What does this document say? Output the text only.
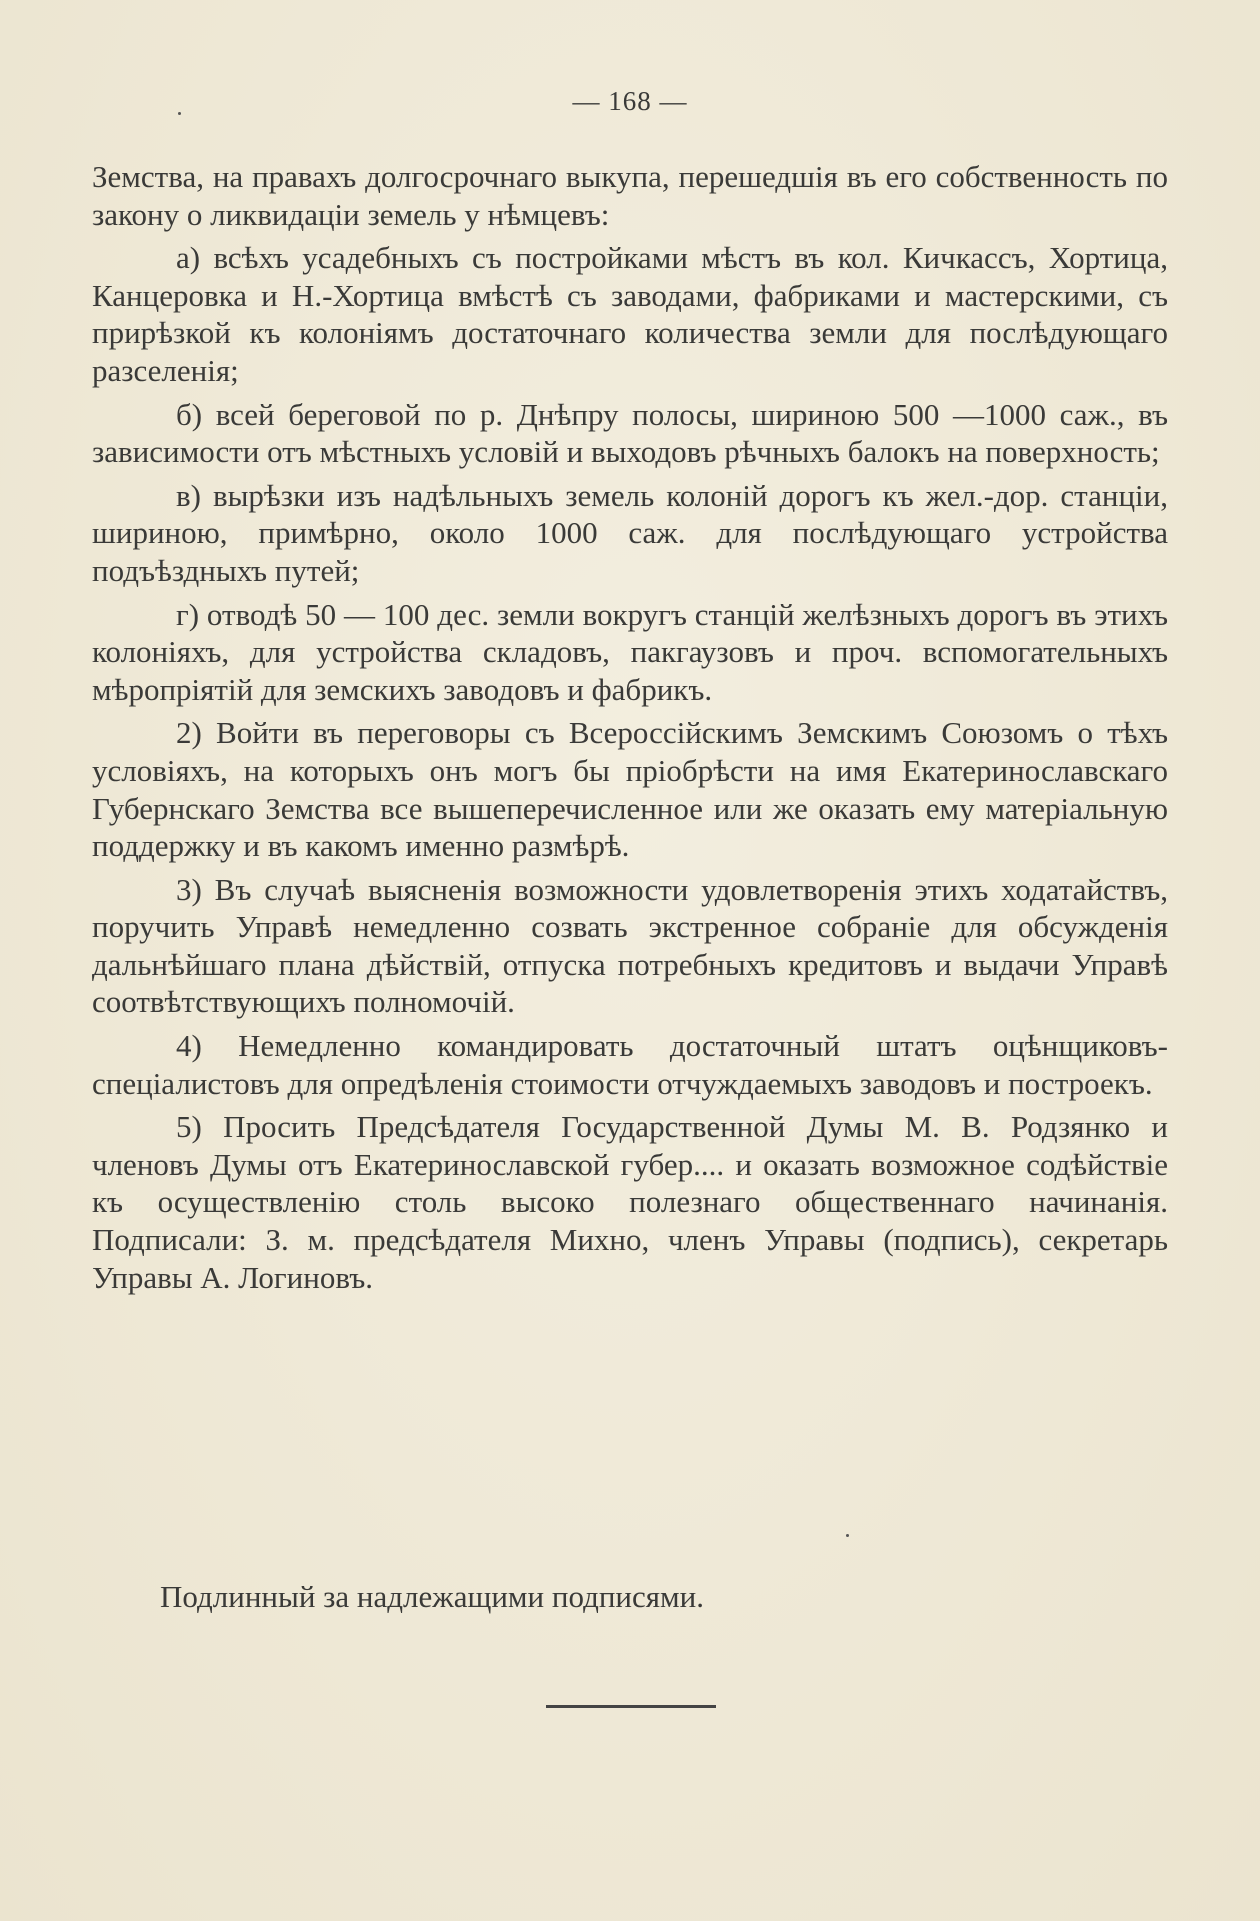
— 168 —

Земства, на правахъ долгосрочнаго выкупа, перешедшія въ его собственность по закону о ликвидаціи земель у нѣмцевъ:

а) всѣхъ усадебныхъ съ постройками мѣстъ въ кол. Кичкассъ, Хортица, Канцеровка и Н.-Хортица вмѣстѣ съ заводами, фабриками и мастерскими, съ прирѣзкой къ колоніямъ достаточнаго количества земли для послѣдующаго разселенія;

б) всей береговой по р. Днѣпру полосы, шириною 500 —1000 саж., въ зависимости отъ мѣстныхъ условій и выходовъ рѣчныхъ балокъ на поверхность;

в) вырѣзки изъ надѣльныхъ земель колоній дорогъ къ жел.-дор. станціи, шириною, примѣрно, около 1000 саж. для послѣдующаго устройства подъѣздныхъ путей;

г) отводѣ 50 — 100 дес. земли вокругъ станцій желѣзныхъ дорогъ въ этихъ колоніяхъ, для устройства складовъ, пакгаузовъ и проч. вспомогательныхъ мѣропріятій для земскихъ заводовъ и фабрикъ.

2) Войти въ переговоры съ Всероссійскимъ Земскимъ Союзомъ о тѣхъ условіяхъ, на которыхъ онъ могъ бы пріобрѣсти на имя Екатеринославскаго Губернскаго Земства все вышеперечисленное или же оказать ему матеріальную поддержку и въ какомъ именно размѣрѣ.

3) Въ случаѣ выясненія возможности удовлетворенія этихъ ходатайствъ, поручить Управѣ немедленно созвать экстренное собраніе для обсужденія дальнѣйшаго плана дѣйствій, отпуска потребныхъ кредитовъ и выдачи Управѣ соотвѣтствующихъ полномочій.

4) Немедленно командировать достаточный штатъ оцѣнщиковъ-спеціалистовъ для опредѣленія стоимости отчуждаемыхъ заводовъ и построекъ.

5) Просить Предсѣдателя Государственной Думы М. В. Родзянко и членовъ Думы отъ Екатеринославской губер.... и оказать возможное содѣйствіе къ осуществленію столь высоко полезнаго общественнаго начинанія. Подписали: З. м. предсѣдателя Михно, членъ Управы (подпись), секретарь Управы А. Логиновъ.

Подлинный за надлежащими подписями.
